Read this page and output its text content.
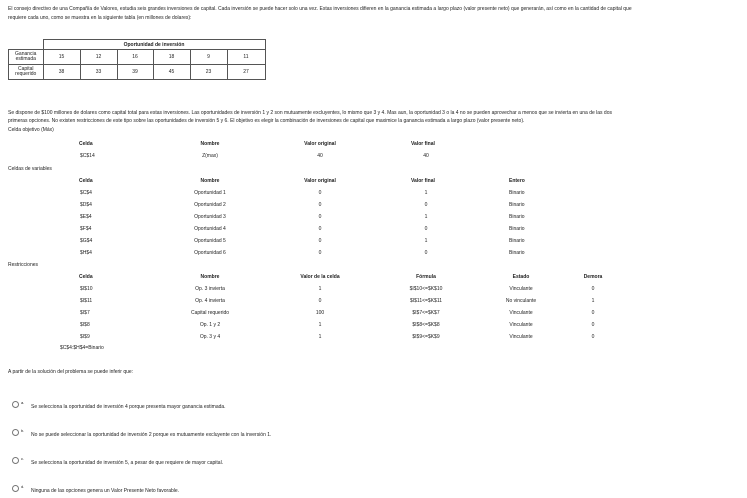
El consejo directivo de una Compañía de Valores, estudia seis grandes inversiones de capital. Cada inversión se puede hacer solo una vez. Estas inversiones difieren en la ganancia estimada a largo plazo (valor presente neto) que generarán, así como en la cantidad de capital que
requiere cada uno, como se muestra en la siguiente tabla (en millones de dolares):
	Oportunidad de inversión					
Ganancia
estimada	15	12	16	18	9	11
Capital
requerido	38	33	39	45	23	27
Se dispone de $100 millones de dolares como capital total para estas inversiones. Las oportunidades de inversión 1 y 2 son mutuamente excluyentes, lo mismo que 3 y 4. Mas aun, la oportunidad 3 o la 4 no se pueden aprovechar a menos que se invierta en una de las dos
primeras opciones. No existen restricciones de este tipo sobre las oportunidades de inversión 5 y 6. El objetivo es elegir la combinación de inversiones de capital que maximice la ganancia estimada a largo plazo (valor presente neto).
Celda objetivo (Máx)
Celda	Nombre	Valor original	Valor final
$C$14	Z(max)	40	40
Celdas de variables
Celda	Nombre	Valor original	Valor final	Entero
$C$4	Oportunidad 1	0	1	Binario
$D$4	Oportunidad 2	0	0	Binario
$E$4	Oportunidad 3	0	1	Binario
$F$4	Oportunidad 4	0	0	Binario
$G$4	Oportunidad 5	0	1	Binario
$H$4	Oportunidad 6	0	0	Binario
Restricciones
Celda	Nombre	Valor de la celda	Fórmula	Estado	Demora
$I$10	Op. 3 invierta	1	$I$10<=$K$10	Vinculante	0
$I$11	Op. 4 invierta	0	$I$11<=$K$11	No vinculante	1
$I$7	Capital requerido	100	$I$7<=$K$7	Vinculante	0
$I$8	Op. 1 y 2	1	$I$8<=$K$8	Vinculante	0
$I$9	Op. 3 y 4	1	$I$9<=$K$9	Vinculante	0
$C$4:$H$4=Binario
A partir de la solución del problema se puede inferir que:
a.
Se selecciona la oportunidad de inversión 4 porque presenta mayor ganancia estimada.
b.
No se puede seleccionar la oportunidad de inversión 2 porque es mutuamente excluyente con la inversión 1.
c.
Se selecciona la oportunidad de inversión 5, a pesar de que requiere de mayor capital.
d.
Ninguna de las opciones genera un Valor Presente Neto favorable.
